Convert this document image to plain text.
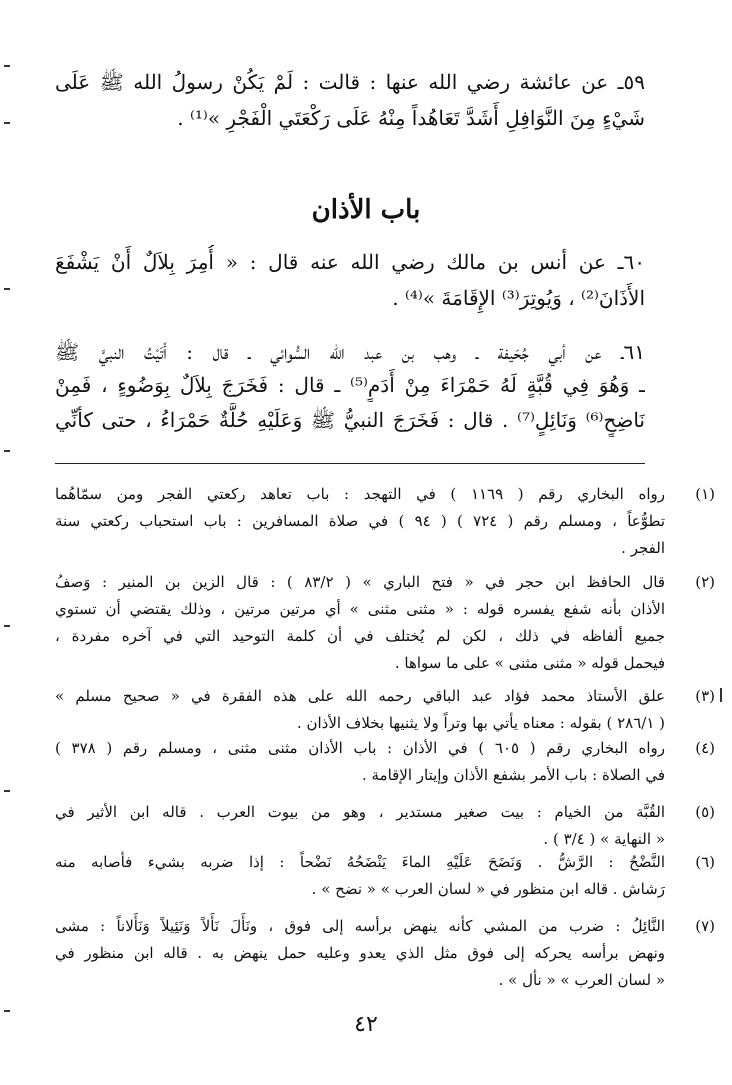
٥٩ـ عن عائشة رضي الله عنها : قالت : لَمْ يَكُنْ رسولُ الله ﷺ عَلَى
شَيْءٍ مِنَ النَّوَافِلِ أَشَدَّ تَعَاهُداً مِنْهُ عَلَى رَكْعَتَي الْفَجْرِ »⁽¹⁾ .
باب الأذان
٦٠ـ عن أنس بن مالك رضي الله عنه قال : « أُمِرَ بِلاَلٌ أَنْ يَشْفَعَ
الأَذَانَ⁽²⁾ ، وَيُوتِرَ⁽³⁾ الإِقَامَةَ »⁽⁴⁾ .
٦١ـ عن أبي جُحَيفة ـ وهب بن عبد الله السُّوائي ـ قال : أَتَيْتُ النبيَّ ﷺ
ـ وَهُوَ فِي قُبَّةٍ لَهُ حَمْرَاءَ مِنْ أَدَمٍ⁽⁵⁾ ـ قال : فَخَرَجَ بِلاَلٌ بِوَضُوءٍ ، فَمِنْ
نَاضِحٍ⁽⁶⁾ وَنَائِلٍ⁽⁷⁾ . قال : فَخَرَجَ النبيُّ ﷺ وَعَلَيْهِ حُلَّةٌ حَمْرَاءُ ، حتى كأنِّي
(١)
رواه البخاري رقم ( ١١٦٩ ) في التهجد : باب تعاهد ركعتي الفجر ومن سمّاهُما
تطوُّعاً ، ومسلم رقم ( ٧٢٤ ) ( ٩٤ ) في صلاة المسافرين : باب استحباب ركعتي سنة
الفجر .
(٢)
قال الحافظ ابن حجر في « فتح الباري » ( ٨٣/٢ ) : قال الزين بن المنير : وَصفُ
الأذان بأنه شفع يفسره قوله : « مثنى مثنى » أي مرتين مرتين ، وذلك يقتضي أن تستوي
جميع ألفاظه في ذلك ، لكن لم يُختلف في أن كلمة التوحيد التي في آخره مفردة ،
فيحمل قوله « مثنى مثنى » على ما سواها .
(٣)
علق الأستاذ محمد فؤاد عبد الباقي رحمه الله على هذه الفقرة في « صحيح مسلم »
( ٢٨٦/١ ) بقوله : معناه يأتي بها وتراً ولا يثنيها بخلاف الأذان .
(٤)
رواه البخاري رقم ( ٦٠٥ ) في الأذان : باب الأذان مثنى مثنى ، ومسلم رقم ( ٣٧٨ )
في الصلاة : باب الأمر بشفع الأذان وإيتار الإقامة .
(٥)
القُبَّة من الخيام : بيت صغير مستدير ، وهو من بيوت العرب . قاله ابن الأثير في
« النهاية » ( ٣/٤ ) .
(٦)
النَّضْحُ : الرَّشُّ . وَنَضَحَ عَلَيْهِ الماءَ يَنْضَحُهُ نَضْحاً : إذا ضربه بشيء فأصابه منه
رَشاش . قاله ابن منظور في « لسان العرب » « نضح » .
(٧)
النَّائِلُ : ضرب من المشي كأنه ينهض برأسه إلى فوق ، ونَأَلَ نَأَلاً وَنَئِيلاً وَنَأَلاناً : مشى
ونهض برأسه يحركه إلى فوق مثل الذي يعدو وعليه حمل ينهض به . قاله ابن منظور في
« لسان العرب » « نأل » .
٤٢
